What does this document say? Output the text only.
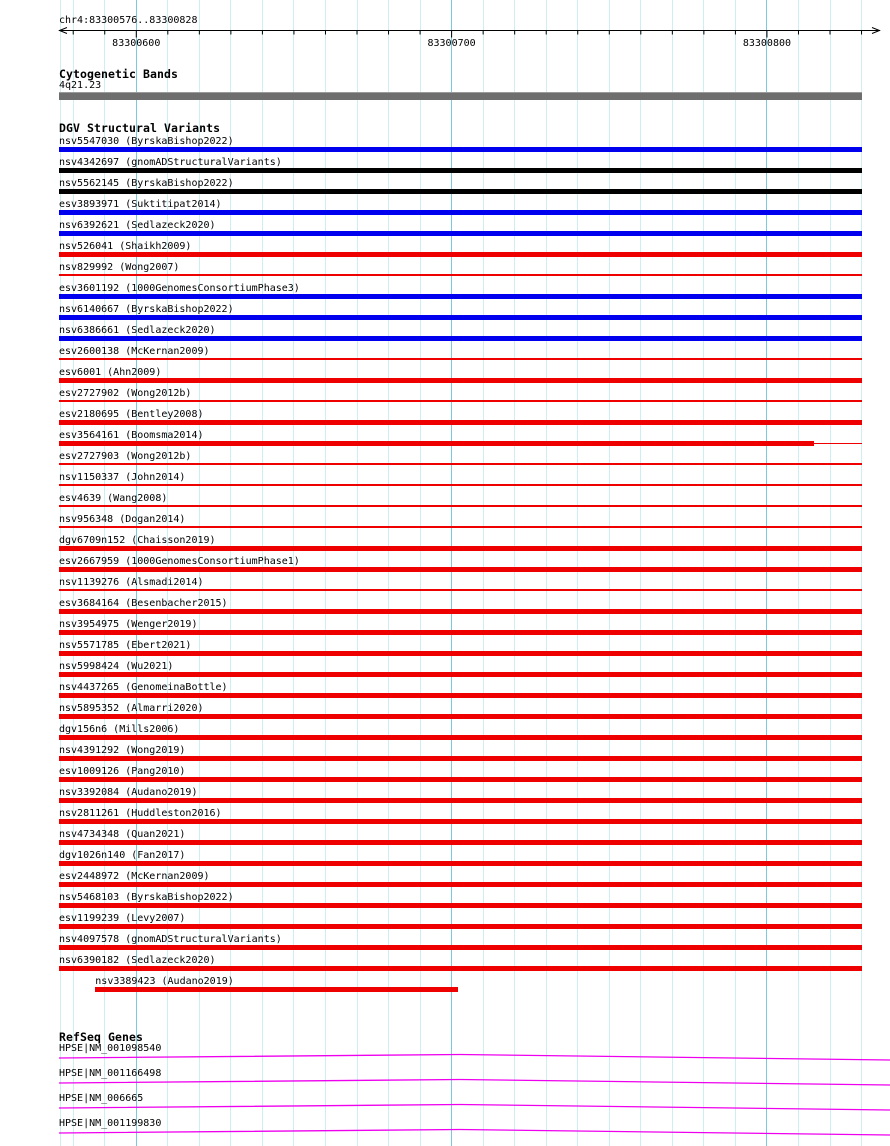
chr4:83300576..83300828
83300600	83300700	83300800
Cytogenetic Bands
4q21.23
DGV Structural Variants
nsv5547030 (ByrskaBishop2022)
nsv4342697 (gnomADStructuralVariants)
nsv5562145 (ByrskaBishop2022)
esv3893971 (Suktitipat2014)
nsv6392621 (Sedlazeck2020)
nsv526041 (Shaikh2009)
nsv829992 (Wong2007)
esv3601192 (1000GenomesConsortiumPhase3)
nsv6140667 (ByrskaBishop2022)
nsv6386661 (Sedlazeck2020)
esv2600138 (McKernan2009)
esv6001 (Ahn2009)
esv2727902 (Wong2012b)
esv2180695 (Bentley2008)
esv3564161 (Boomsma2014)
esv2727903 (Wong2012b)
nsv1150337 (John2014)
esv4639 (Wang2008)
nsv956348 (Dogan2014)
dgv6709n152 (Chaisson2019)
esv2667959 (1000GenomesConsortiumPhase1)
nsv1139276 (Alsmadi2014)
esv3684164 (Besenbacher2015)
nsv3954975 (Wenger2019)
nsv5571785 (Ebert2021)
nsv5998424 (Wu2021)
nsv4437265 (GenomeinaBottle)
nsv5895352 (Almarri2020)
dgv156n6 (Mills2006)
nsv4391292 (Wong2019)
esv1009126 (Pang2010)
nsv3392084 (Audano2019)
nsv2811261 (Huddleston2016)
nsv4734348 (Quan2021)
dgv1026n140 (Fan2017)
esv2448972 (McKernan2009)
nsv5468103 (ByrskaBishop2022)
esv1199239 (Levy2007)
nsv4097578 (gnomADStructuralVariants)
nsv6390182 (Sedlazeck2020)
nsv3389423 (Audano2019)
RefSeq Genes
HPSE|NM_001098540
HPSE|NM_001166498
HPSE|NM_006665
HPSE|NM_001199830
